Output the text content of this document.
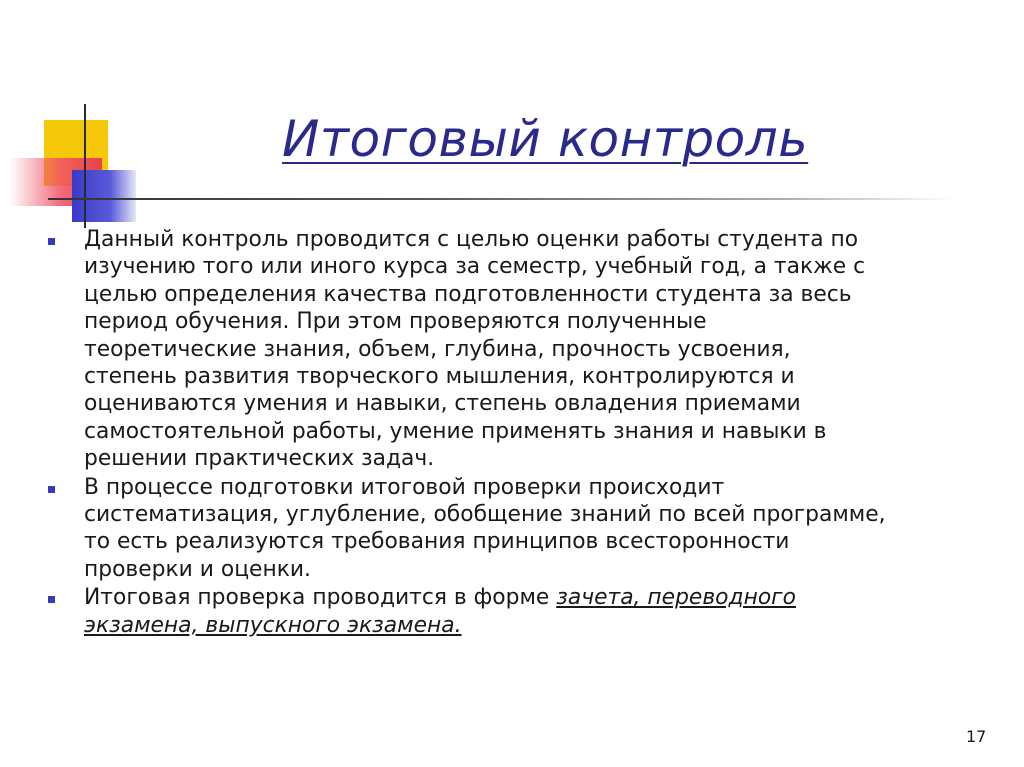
Итоговый контроль
Данный контроль проводится с целью оценки работы студента по
изучению того или иного курса за семестр, учебный год, а также с
целью определения качества подготовленности студента за весь
период обучения. При этом проверяются полученные
теоретические знания, объем, глубина, прочность усвоения,
степень развития творческого мышления, контролируются и
оцениваются умения и навыки, степень овладения приемами
самостоятельной работы, умение применять знания и навыки в
решении практических задач.
В процессе подготовки итоговой проверки происходит
систематизация, углубление, обобщение знаний по всей программе,
то есть реализуются требования принципов всесторонности
проверки и оценки.
Итоговая проверка проводится в форме зачета, переводного
экзамена, выпускного экзамена.
17
